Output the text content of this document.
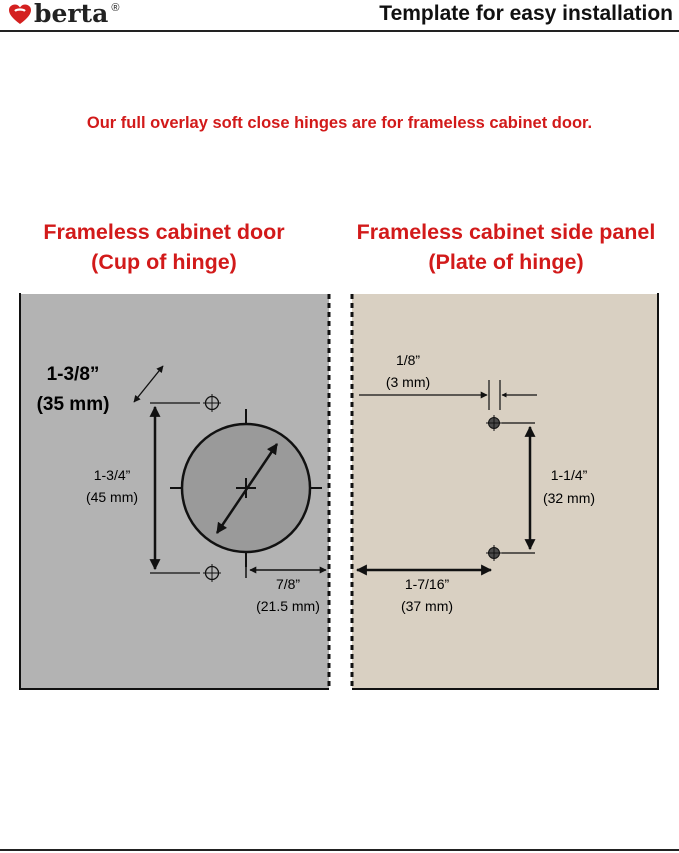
berta ®	Template for easy installation
Our full overlay soft close hinges are for frameless cabinet door.
Frameless cabinet door
(Cup of hinge)
Frameless cabinet side panel
(Plate of hinge)
1-3/8”
(35 mm)
1-3/4”
(45 mm)
7/8”
(21.5 mm)
1/8”
(3 mm)
1-1/4”
(32 mm)
1-7/16”
(37 mm)
